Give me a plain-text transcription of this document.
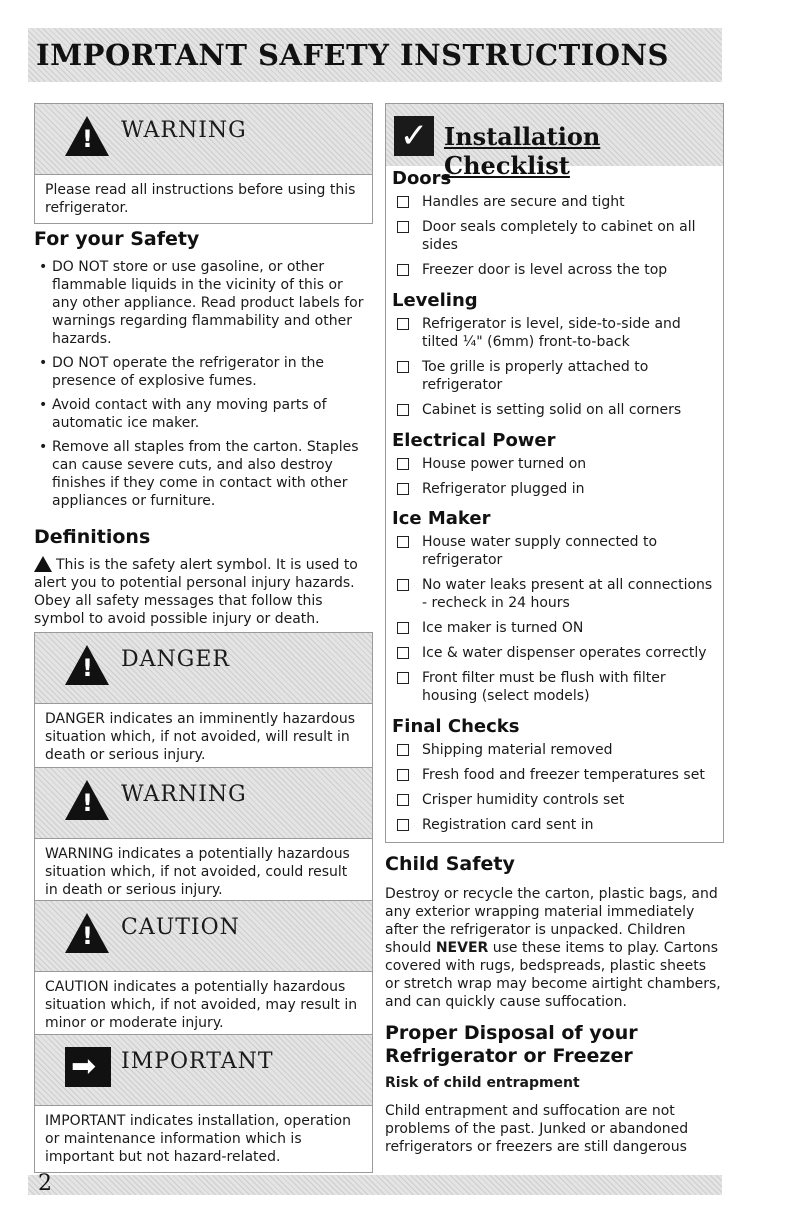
IMPORTANT SAFETY INSTRUCTIONS
!
WARNING
Please read all instructions before using this refrigerator.
For your Safety
• DO NOT store or use gasoline, or other flammable liquids in the vicinity of this or any other appliance. Read product labels for warnings regarding flammability and other hazards.
• DO NOT operate the refrigerator in the presence of explosive fumes.
• Avoid contact with any moving parts of automatic ice maker.
• Remove all staples from the carton. Staples can cause severe cuts, and also destroy finishes if they come in contact with other appliances or furniture.
Definitions

This is the safety alert symbol. It is used to alert you to potential personal injury hazards. Obey all safety messages that follow this symbol to avoid possible injury or death.

!
DANGER
DANGER indicates an imminently hazardous situation which, if not avoided, will result in death or serious injury.
!
WARNING
WARNING indicates a potentially hazardous situation which, if not avoided, could result in death or serious injury.
!
CAUTION
CAUTION indicates a potentially hazardous situation which, if not avoided, may result in minor or moderate injury.
➡
IMPORTANT
IMPORTANT indicates installation, operation or maintenance information which is important but not hazard-related.
✓ Installation Checklist
Doors
Handles are secure and tight
Door seals completely to cabinet on all sides
Freezer door is level across the top
Leveling
Refrigerator is level, side-to-side and tilted ¼" (6mm) front-to-back
Toe grille is properly attached to refrigerator
Cabinet is setting solid on all corners
Electrical Power
House power turned on
Refrigerator plugged in
Ice Maker
House water supply connected to refrigerator
No water leaks present at all connections - recheck in 24 hours
Ice maker is turned ON
Ice & water dispenser operates correctly
Front filter must be flush with filter housing (select models)
Final Checks
Shipping material removed
Fresh food and freezer temperatures set
Crisper humidity controls set
Registration card sent in
Child Safety

Destroy or recycle the carton, plastic bags, and any exterior wrapping material immediately after the refrigerator is unpacked. Children should NEVER use these items to play. Cartons covered with rugs, bedspreads, plastic sheets or stretch wrap may become airtight chambers, and can quickly cause suffocation.

Proper Disposal of your
Refrigerator or Freezer
Risk of child entrapment

Child entrapment and suffocation are not problems of the past. Junked or abandoned refrigerators or freezers are still dangerous

2
